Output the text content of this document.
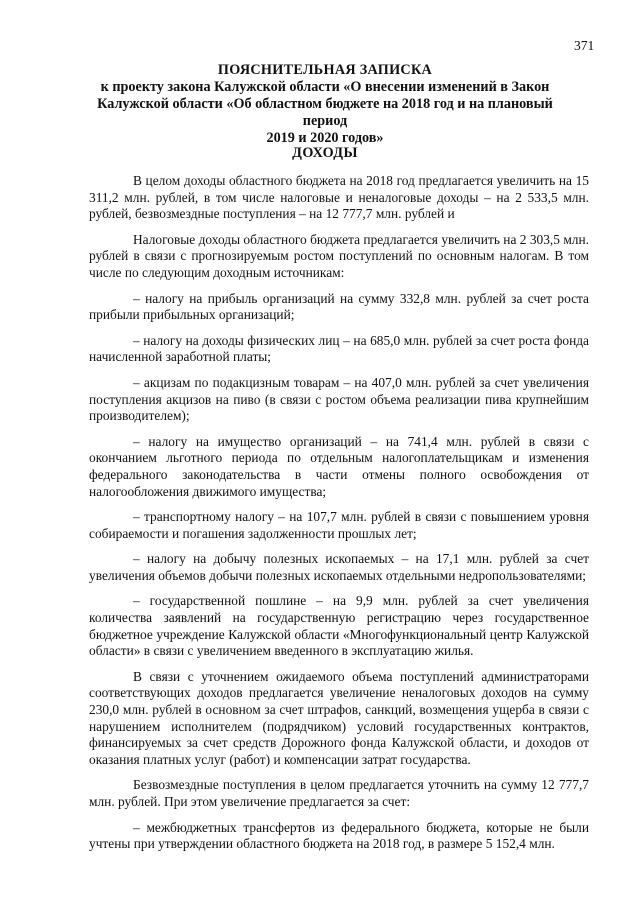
371
ПОЯСНИТЕЛЬНАЯ ЗАПИСКА
к проекту закона Калужской области «О внесении изменений в Закон
Калужской области «Об областном бюджете на 2018 год и на плановый период
2019 и 2020 годов»
ДОХОДЫ

В целом доходы областного бюджета на 2018 год предлагается увеличить на 15 311,2 млн. рублей, в том числе налоговые и неналоговые доходы – на 2 533,5 млн. рублей, безвозмездные поступления – на 12 777,7 млн. рублей и

Налоговые доходы областного бюджета предлагается увеличить на 2 303,5 млн. рублей в связи с прогнозируемым ростом поступлений по основным налогам. В том числе по следующим доходным источникам:

– налогу на прибыль организаций на сумму 332,8 млн. рублей за счет роста прибыли прибыльных организаций;

– налогу на доходы физических лиц – на 685,0 млн. рублей за счет роста фонда начисленной заработной платы;

– акцизам по подакцизным товарам – на 407,0 млн. рублей за счет увеличения поступления акцизов на пиво (в связи с ростом объема реализации пива крупнейшим производителем);

– налогу на имущество организаций – на 741,4 млн. рублей в связи с окончанием льготного периода по отдельным налогоплательщикам и изменения федерального законодательства в части отмены полного освобождения от налогообложения движимого имущества;

– транспортному налогу – на 107,7 млн. рублей в связи с повышением уровня собираемости и погашения задолженности прошлых лет;

– налогу на добычу полезных ископаемых – на 17,1 млн. рублей за счет увеличения объемов добычи полезных ископаемых отдельными недропользователями;

– государственной пошлине – на 9,9 млн. рублей за счет увеличения количества заявлений на государственную регистрацию через государственное бюджетное учреждение Калужской области «Многофункциональный центр Калужской области» в связи с увеличением введенного в эксплуатацию жилья.

В связи с уточнением ожидаемого объема поступлений администраторами соответствующих доходов предлагается увеличение неналоговых доходов на сумму 230,0 млн. рублей в основном за счет штрафов, санкций, возмещения ущерба в связи с нарушением исполнителем (подрядчиком) условий государственных контрактов, финансируемых за счет средств Дорожного фонда Калужской области, и доходов от оказания платных услуг (работ) и компенсации затрат государства.

Безвозмездные поступления в целом предлагается уточнить на сумму 12 777,7 млн. рублей. При этом увеличение предлагается за счет:

– межбюджетных трансфертов из федерального бюджета, которые не были учтены при утверждении областного бюджета на 2018 год, в размере 5 152,4 млн.
